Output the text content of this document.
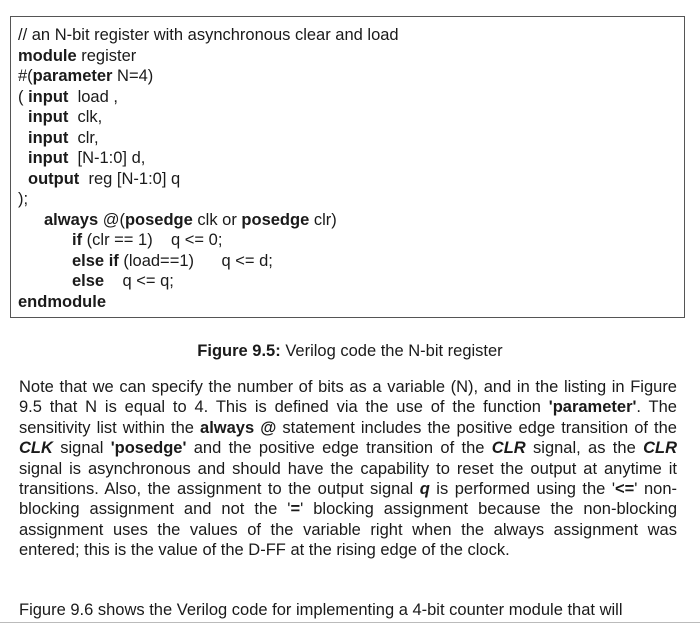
// an N-bit register with asynchronous clear and load
module register
#(parameter N=4)
( input  load ,
input  clk,
input  clr,
input  [N-1:0] d,
output  reg [N-1:0] q
);
always @(posedge clk or posedge clr)
if (clr == 1)    q <= 0;
else if (load==1)      q <= d;
else    q <= q;
endmodule
Figure 9.5: Verilog code the N-bit register
Note that we can specify the number of bits as a variable (N), and in the listing in Figure 9.5 that N is equal to 4. This is defined via the use of the function 'parameter'. The sensitivity list within the always @ statement includes the positive edge transition of the CLK signal 'posedge' and the positive edge transition of the CLR signal, as the CLR signal is asynchronous and should have the capability to reset the output at anytime it transitions. Also, the assignment to the output signal q is performed using the '<=' non-blocking assignment and not the '=' blocking assignment because the non-blocking assignment uses the values of the variable right when the always assignment was entered; this is the value of the D-FF at the rising edge of the clock.
Figure 9.6 shows the Verilog code for implementing a 4-bit counter module that will
